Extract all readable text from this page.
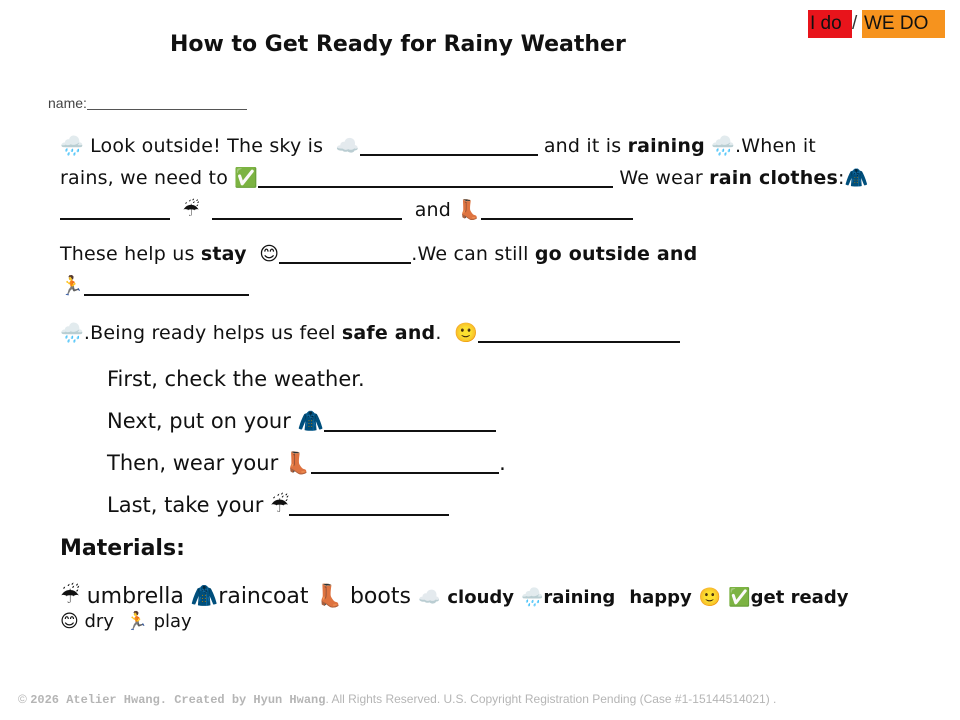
I do / WE DO
How to Get Ready for Rainy Weather
name:
🌧️ Look outside! The sky is ☁️	and it is raining 🌧️.When it
rains, we need to ✅	We wear rain clothes:🧥
☔	and 👢
These help us stay 😊	.We can still go outside and
🏃
🌧️.Being ready helps us feel safe and. 🙂
First, check the weather.
Next, put on your 🧥
Then, wear your 👢	.
Last, take your ☔
Materials:
☔ umbrella 🧥raincoat 👢 boots ☁️ cloudy 🌧️raining happy 🙂 ✅get ready
😊 dry 🏃 play
© 2026 Atelier Hwang. Created by Hyun Hwang. All Rights Reserved. U.S. Copyright Registration Pending (Case #1-15144514021) .
